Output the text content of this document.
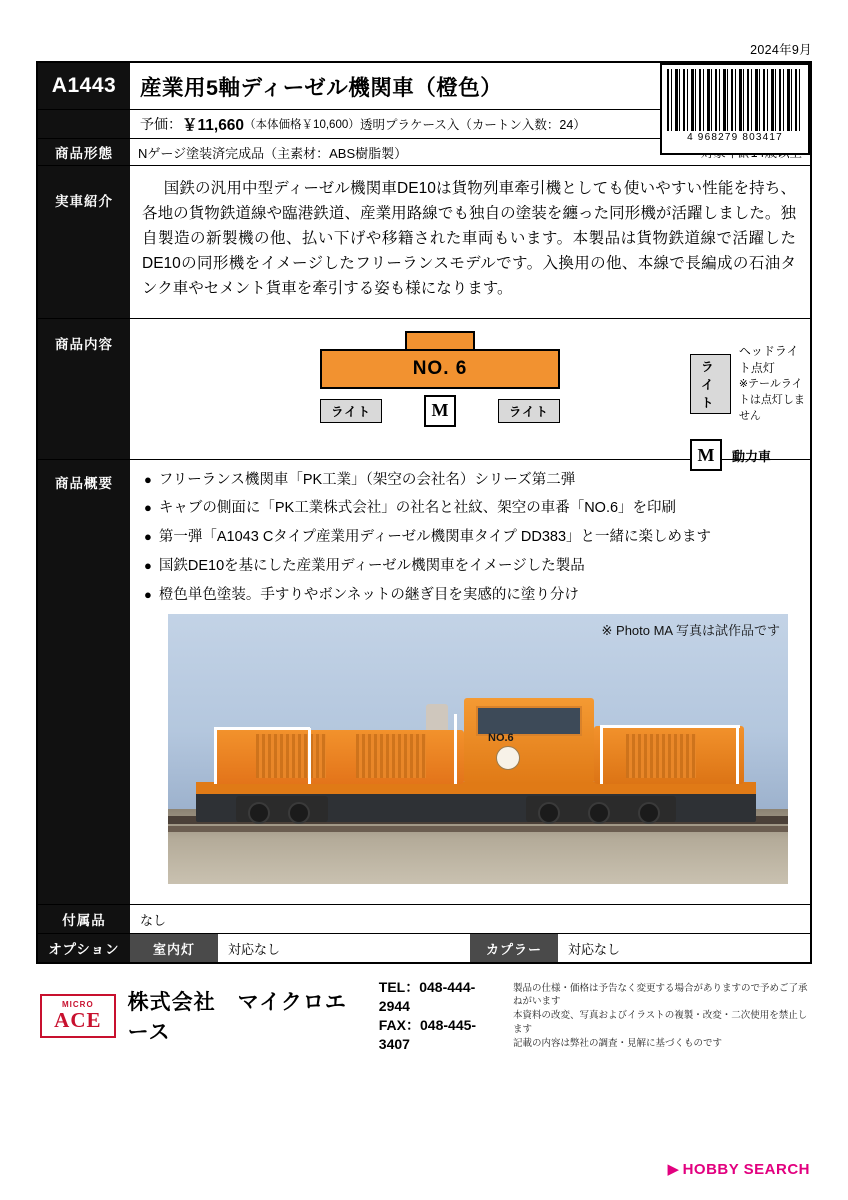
2024年9月
A1443	産業用5軸ディーゼル機関車（橙色）
4 968279 803417
予価： ￥11,660 （本体価格￥10,600） 透明プラケース入（カートン入数：24）
商品形態	Nゲージ塗装済完成品（主素材：ABS樹脂製）
実車紹介

国鉄の汎用中型ディーゼル機関車DE10は貨物列車牽引機としても使いやすい性能を持ち、各地の貨物鉄道線や臨港鉄道、産業用路線でも独自の塗装を纏った同形機が活躍しました。独自製造の新製機の他、払い下げや移籍された車両もいます。本製品は貨物鉄道線で活躍したDE10の同形機をイメージしたフリーランスモデルです。入換用の他、本線で長編成の石油タンク車やセメント貨車を牽引する姿も様になります。

商品内容
NO. 6
ライト	M	ライト
ライト
ヘッドライト点灯
※テールライトは点灯しません
M	動力車
商品概要	● フリーランス機関車「PK工業」（架空の会社名）シリーズ第二弾
● キャブの側面に「PK工業株式会社」の社名と社紋、架空の車番「NO.6」を印刷
● 第一弾「A1043 Cタイプ産業用ディーゼル機関車タイプ DD383」と一緒に楽しめます
● 国鉄DE10を基にした産業用ディーゼル機関車をイメージした製品
● 橙色単色塗装。手すりやボンネットの継ぎ目を実感的に塗り分け
NO.6
※ Photo MA 写真は試作品です
付属品	なし
オプション	室内灯	対応なし	カプラー	対応なし
MICRO
ACE
株式会社　マイクロエース
TEL：048-444-2944
FAX：048-445-3407
製品の仕様・価格は予告なく変更する場合がありますので予めご了承ねがいます
本資料の改変、写真およびイラストの複製・改変・二次使用を禁止します
記載の内容は弊社の調査・見解に基づくものです
▶ HOBBY SEARCH
